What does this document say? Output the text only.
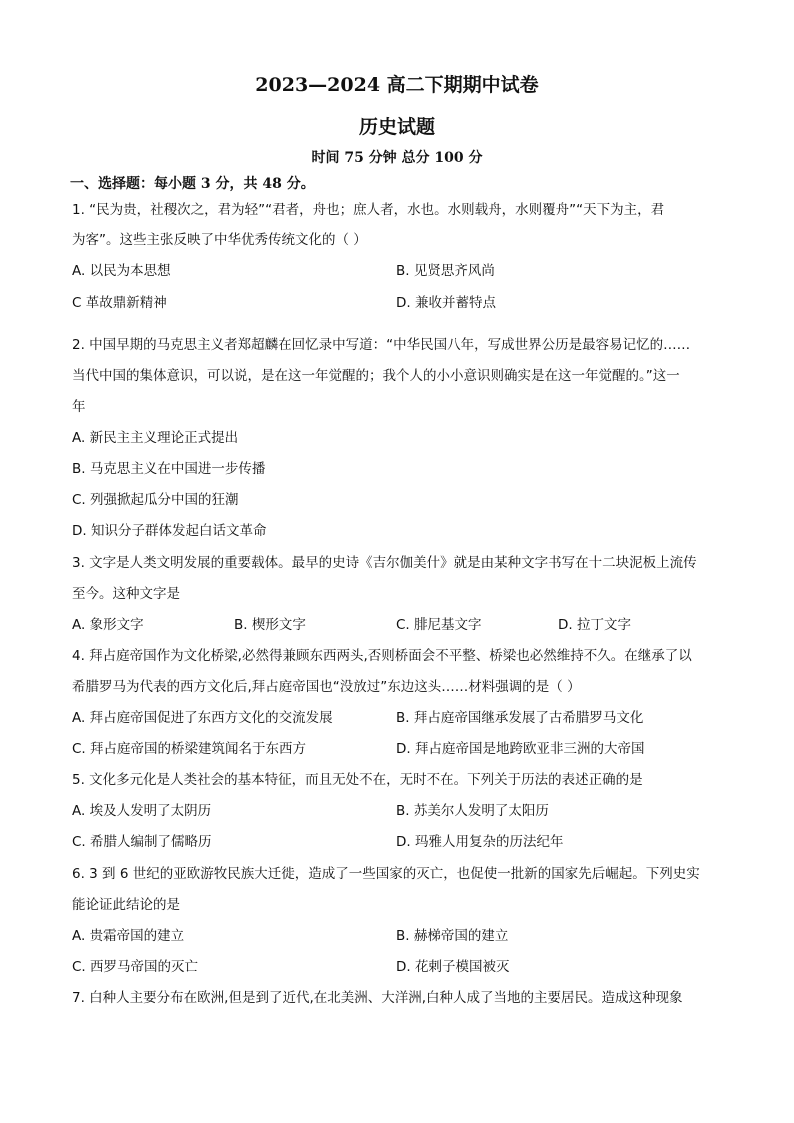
2023—2024 高二下期期中试卷
历史试题
时间 75 分钟 总分 100 分
一、选择题：每小题 3 分，共 48 分。
1. “民为贵，社稷次之，君为轻”“君者，舟也；庶人者，水也。水则载舟，水则覆舟”“天下为主，君
为客”。这些主张反映了中华优秀传统文化的（ ）
A. 以民为本思想	B. 见贤思齐风尚
C 革故鼎新精神	D. 兼收并蓄特点
2. 中国早期的马克思主义者郑超麟在回忆录中写道：“中华民国八年，写成世界公历是最容易记忆的……
当代中国的集体意识，可以说，是在这一年觉醒的；我个人的小小意识则确实是在这一年觉醒的。”这一
年
A. 新民主主义理论正式提出
B. 马克思主义在中国进一步传播
C. 列强掀起瓜分中国的狂潮
D. 知识分子群体发起白话文革命
3. 文字是人类文明发展的重要载体。最早的史诗《吉尔伽美什》就是由某种文字书写在十二块泥板上流传
至今。这种文字是
A. 象形文字	B. 楔形文字	C. 腓尼基文字	D. 拉丁文字
4. 拜占庭帝国作为文化桥梁,必然得兼顾东西两头,否则桥面会不平整、桥梁也必然维持不久。在继承了以
希腊罗马为代表的西方文化后,拜占庭帝国也“没放过”东边这头……材料强调的是（ ）
A. 拜占庭帝国促进了东西方文化的交流发展	B. 拜占庭帝国继承发展了古希腊罗马文化
C. 拜占庭帝国的桥梁建筑闻名于东西方	D. 拜占庭帝国是地跨欧亚非三洲的大帝国
5. 文化多元化是人类社会的基本特征，而且无处不在，无时不在。下列关于历法的表述正确的是
A. 埃及人发明了太阴历	B. 苏美尔人发明了太阳历
C. 希腊人编制了儒略历	D. 玛雅人用复杂的历法纪年
6. 3 到 6 世纪的亚欧游牧民族大迁徙，造成了一些国家的灭亡，也促使一批新的国家先后崛起。下列史实
能论证此结论的是
A. 贵霜帝国的建立	B. 赫梯帝国的建立
C. 西罗马帝国的灭亡	D. 花剌子模国被灭
7. 白种人主要分布在欧洲,但是到了近代,在北美洲、大洋洲,白种人成了当地的主要居民。造成这种现象
